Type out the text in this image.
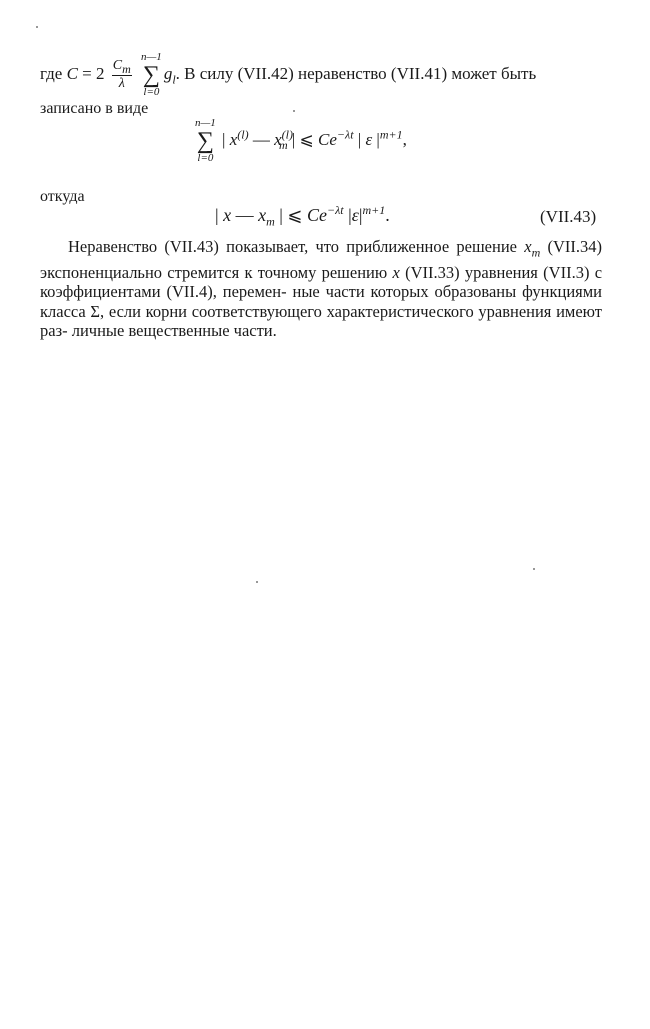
где $C = 2 \frac{C_m}{\lambda}$

n—1
∑
l=0
$g_l$. В силу (VII.42) неравенство (VII.41) может быть
записано в виде
n—1
∑
l=0
| $x^{(l)}$ — $x^{(l)}_m$ | ⩽ $Ce^{-\lambda t}$ | ε $|^{m+1}$,
откуда
| x — $x_m$ | ⩽ $Ce^{-\lambda t}$ $|\varepsilon|^{m+1}$.	(VII.43)
Неравенство (VII.43) показывает, что приближенное решение $x_m$ (VII.34) экспоненциально стремится к точному решению x (VII.33) уравнения (VII.3) с коэффициентами (VII.4), перемен- ные части которых образованы функциями класса Σ, если корни соответствующего характеристического уравнения имеют раз- личные вещественные части.
